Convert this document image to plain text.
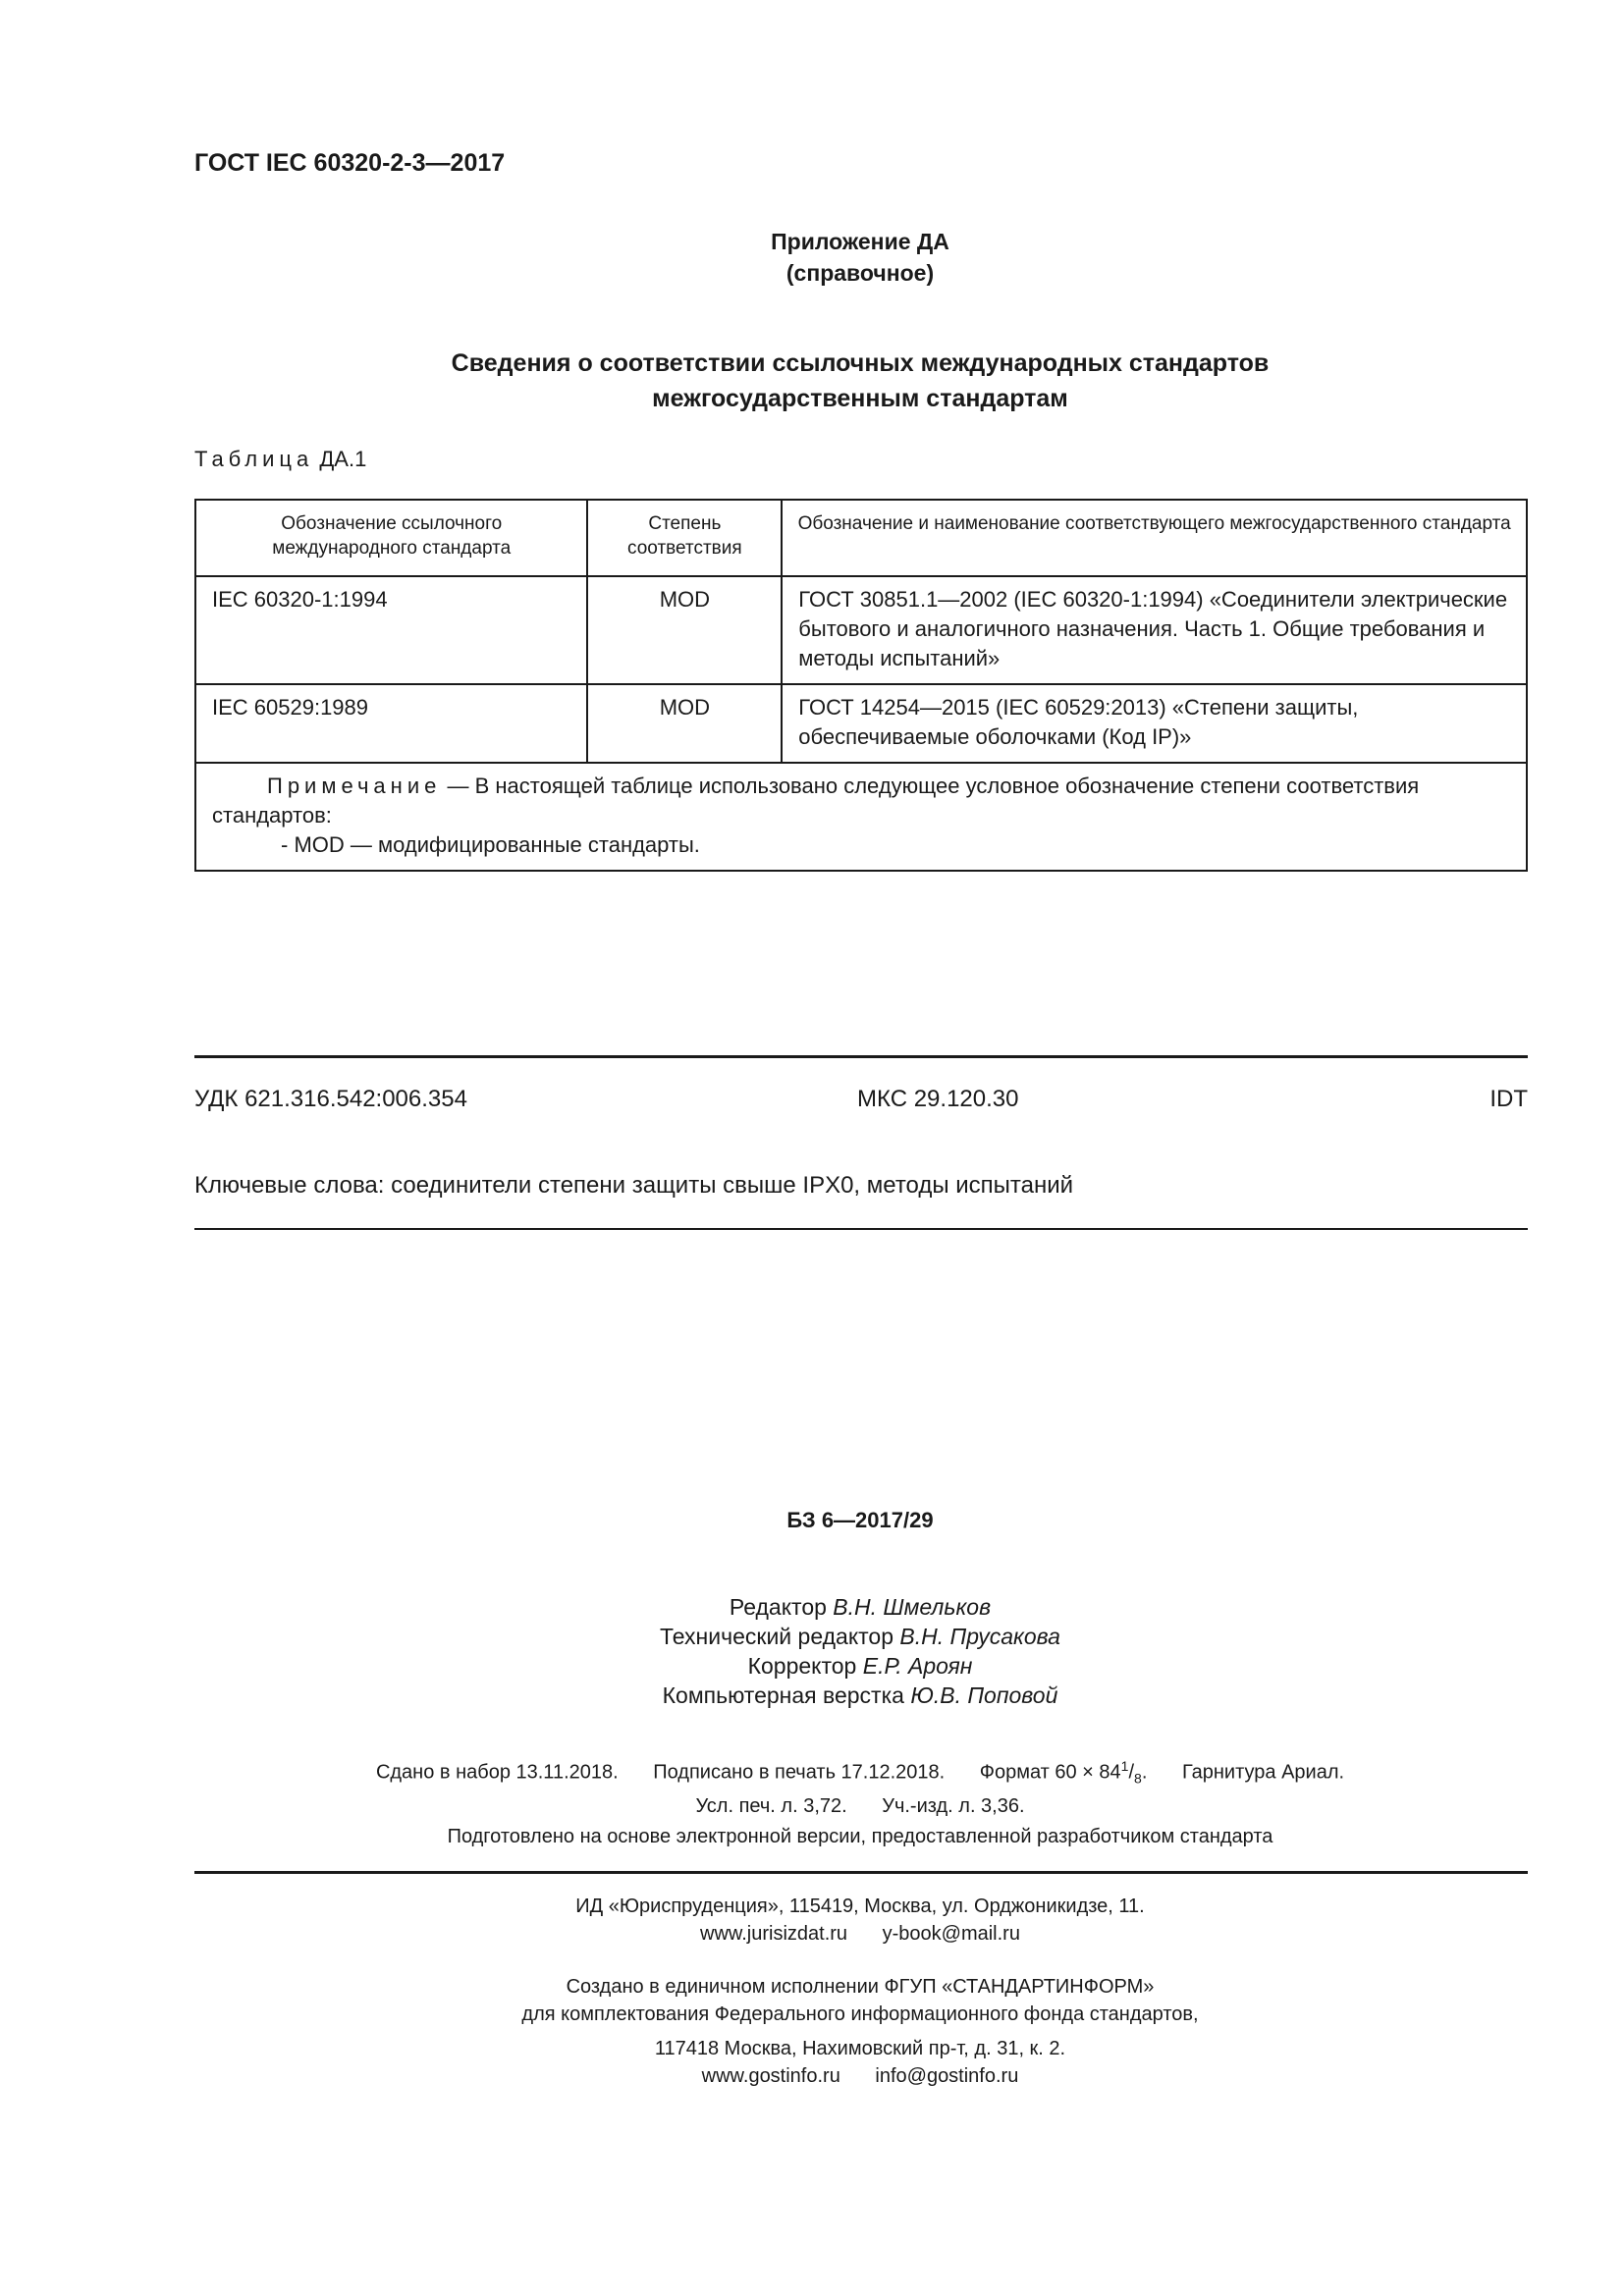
ГОСТ IEC 60320-2-3—2017
Приложение ДА
(справочное)
Сведения о соответствии ссылочных международных стандартов
межгосударственным стандартам
Таблица ДА.1
Обозначение ссылочного международного стандарта	Степень соответствия	Обозначение и наименование соответствующего межгосударственного стандарта
IEC 60320-1:1994	MOD	ГОСТ 30851.1—2002 (IEC 60320-1:1994) «Соединители электрические бытового и аналогичного назначения. Часть 1. Общие требования и методы испытаний»
IEC 60529:1989	MOD	ГОСТ 14254—2015 (IEC 60529:2013) «Степени защиты, обеспечиваемые оболочками (Код IP)»

Примечание — В настоящей таблице использовано следующее условное обозначение степени соответствия стандартов:
- MOD — модифицированные стандарты.		
УДК 621.316.542:006.354	МКС 29.120.30	IDT
Ключевые слова: соединители степени защиты свыше IPX0, методы испытаний
БЗ 6—2017/29
Редактор В.Н. Шмельков
Технический редактор В.Н. Прусакова
Корректор Е.Р. Ароян
Компьютерная верстка Ю.В. Поповой
Сдано в набор 13.11.2018. Подписано в печать 17.12.2018. Формат $60 \times 84^1/_8$. Гарнитура Ариал.
Усл. печ. л. 3,72. Уч.-изд. л. 3,36.
Подготовлено на основе электронной версии, предоставленной разработчиком стандарта
ИД «Юриспруденция», 115419, Москва, ул. Орджоникидзе, 11.
www.jurisizdat.ru y-book@mail.ru
Создано в единичном исполнении ФГУП «СТАНДАРТИНФОРМ»
для комплектования Федерального информационного фонда стандартов,
117418 Москва, Нахимовский пр-т, д. 31, к. 2.
www.gostinfo.ru info@gostinfo.ru
